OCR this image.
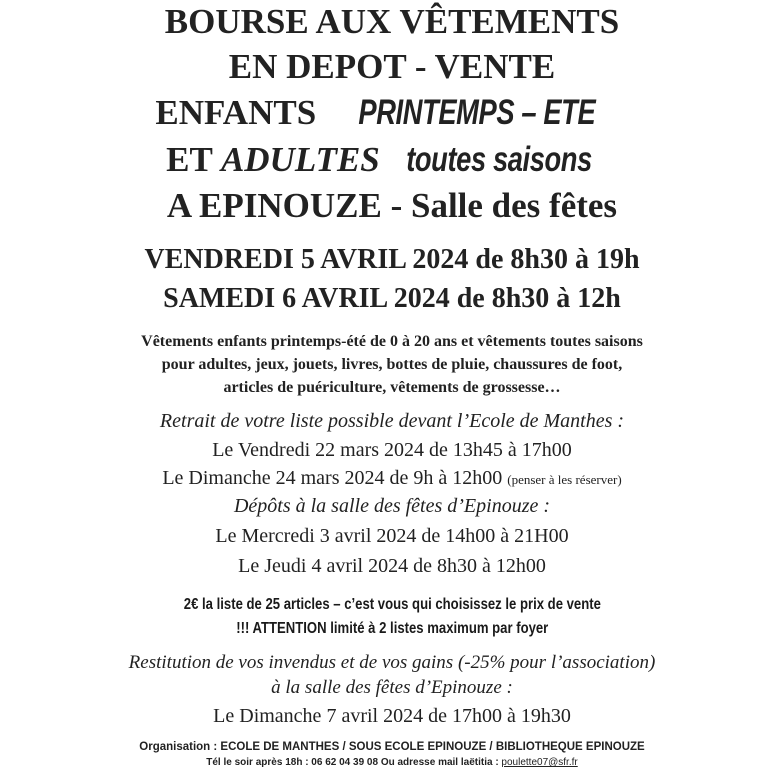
BOURSE AUX VÊTEMENTS
EN DEPOT - VENTE
ENFANTS PRINTEMPS – ETE
ET ADULTEStoutes saisons
A EPINOUZE - Salle des fêtes
VENDREDI 5 AVRIL 2024 de 8h30 à 19h
SAMEDI 6 AVRIL 2024 de 8h30 à 12h
Vêtements enfants printemps-été de 0 à 20 ans et vêtements toutes saisons
pour adultes, jeux, jouets, livres, bottes de pluie, chaussures de foot,
articles de puériculture, vêtements de grossesse…
Retrait de votre liste possible devant l’Ecole de Manthes :
Le Vendredi 22 mars 2024 de 13h45 à 17h00
Le Dimanche 24 mars 2024 de 9h à 12h00 (penser à les réserver)
Dépôts à la salle des fêtes d’Epinouze :
Le Mercredi 3 avril 2024 de 14h00 à 21H00
Le Jeudi 4 avril 2024 de 8h30 à 12h00
2€ la liste de 25 articles – c’est vous qui choisissez le prix de vente
!!! ATTENTION limité à 2 listes maximum par foyer
Restitution de vos invendus et de vos gains (-25% pour l’association)
à la salle des fêtes d’Epinouze :
Le Dimanche 7 avril 2024 de 17h00 à 19h30
Organisation : ECOLE DE MANTHES / SOUS ECOLE EPINOUZE / BIBLIOTHEQUE EPINOUZE
Tél le soir après 18h : 06 62 04 39 08 Ou adresse mail laëtitia : poulette07@sfr.fr
